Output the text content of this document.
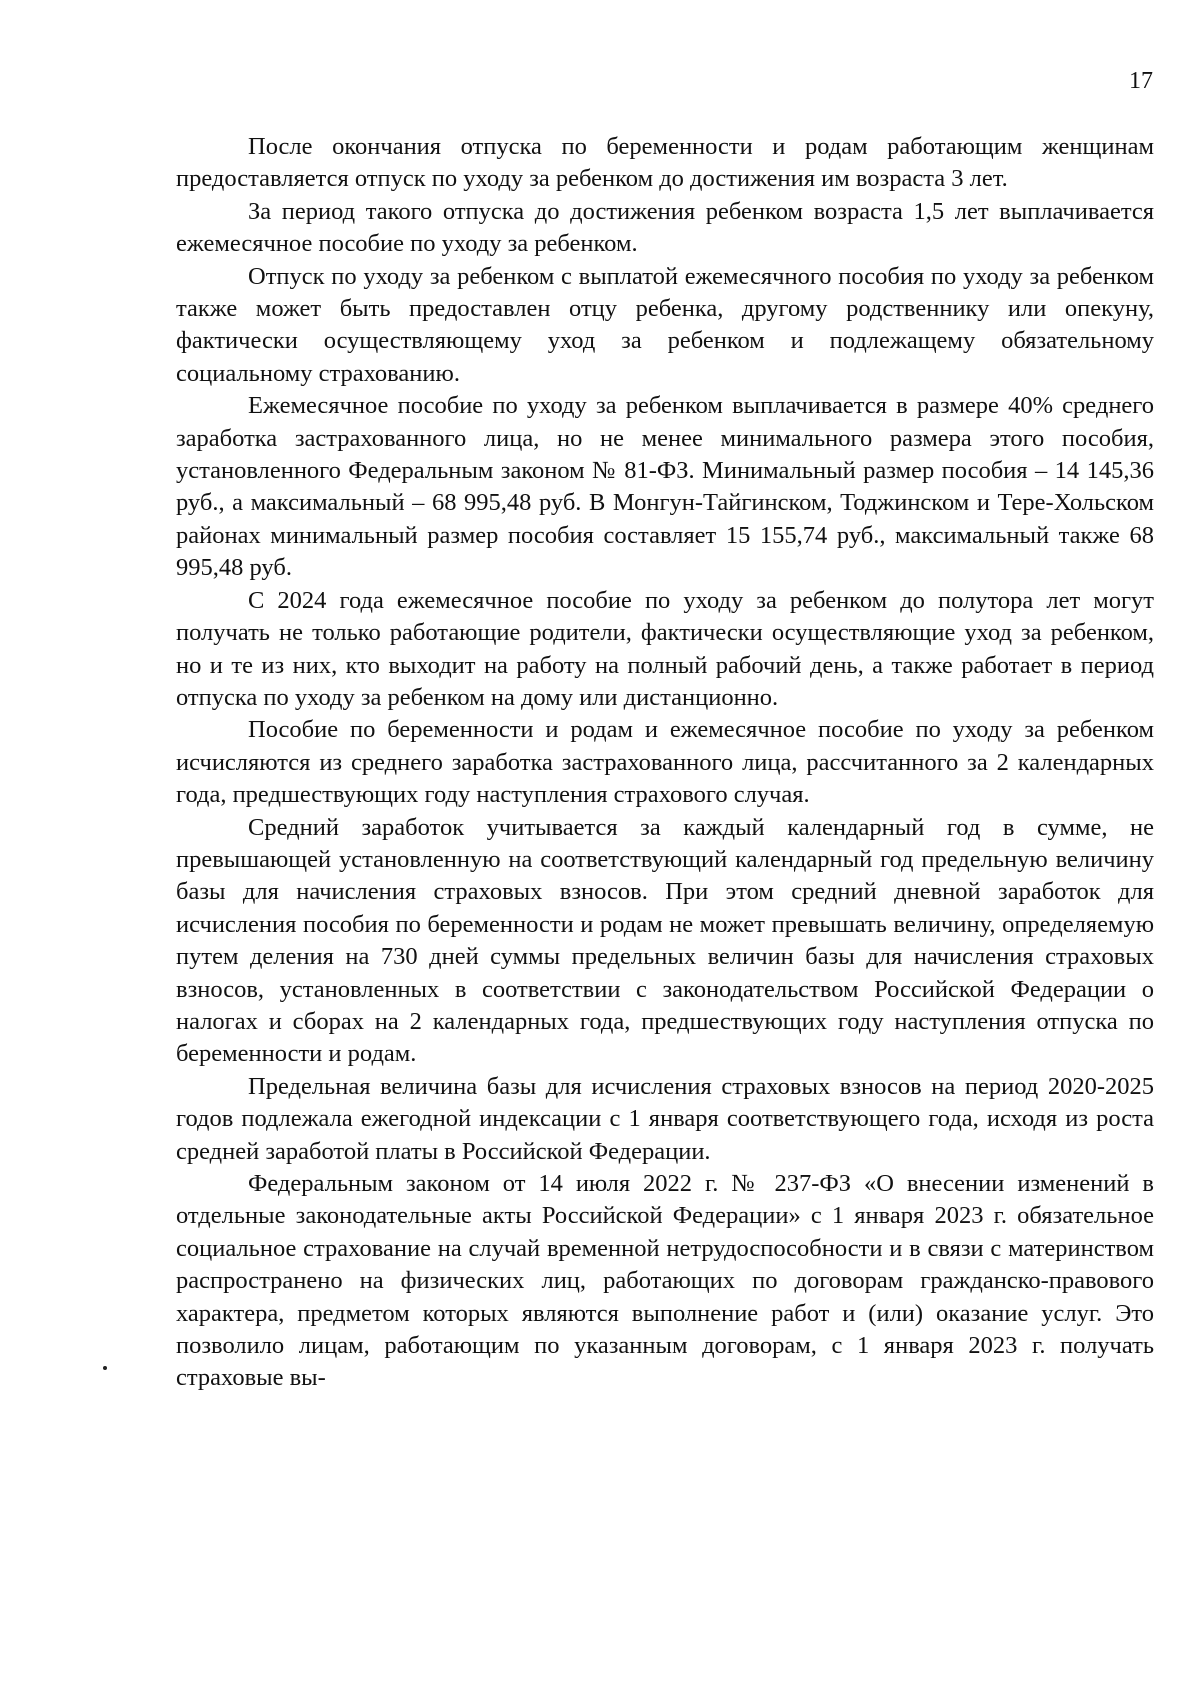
17

После окончания отпуска по беременности и родам работающим женщинам предоставляется отпуск по уходу за ребенком до достижения им возраста 3 лет.

За период такого отпуска до достижения ребенком возраста 1,5 лет выплачивается ежемесячное пособие по уходу за ребенком.

Отпуск по уходу за ребенком с выплатой ежемесячного пособия по уходу за ребенком также может быть предоставлен отцу ребенка, другому родственнику или опекуну, фактически осуществляющему уход за ребенком и подлежащему обязательному социальному страхованию.

Ежемесячное пособие по уходу за ребенком выплачивается в размере 40% среднего заработка застрахованного лица, но не менее минимального размера этого пособия, установленного Федеральным законом № 81-ФЗ. Минимальный размер пособия – 14 145,36 руб., а максимальный – 68 995,48 руб. В Монгун-Тайгинском, Тоджинском и Тере-Хольском районах минимальный размер пособия составляет 15 155,74 руб., максимальный также 68 995,48 руб.

С 2024 года ежемесячное пособие по уходу за ребенком до полутора лет могут получать не только работающие родители, фактически осуществляющие уход за ребенком, но и те из них, кто выходит на работу на полный рабочий день, а также работает в период отпуска по уходу за ребенком на дому или дистанционно.

Пособие по беременности и родам и ежемесячное пособие по уходу за ребенком исчисляются из среднего заработка застрахованного лица, рассчитанного за 2 календарных года, предшествующих году наступления страхового случая.

Средний заработок учитывается за каждый календарный год в сумме, не превышающей установленную на соответствующий календарный год предельную величину базы для начисления страховых взносов. При этом средний дневной заработок для исчисления пособия по беременности и родам не может превышать величину, определяемую путем деления на 730 дней суммы предельных величин базы для начисления страховых взносов, установленных в соответствии с законодательством Российской Федерации о налогах и сборах на 2 календарных года, предшествующих году наступления отпуска по беременности и родам.

Предельная величина базы для исчисления страховых взносов на период 2020-2025 годов подлежала ежегодной индексации с 1 января соответствующего года, исходя из роста средней заработой платы в Российской Федерации.

Федеральным законом от 14 июля 2022 г. № 237-ФЗ «О внесении изменений в отдельные законодательные акты Российской Федерации» с 1 января 2023 г. обязательное социальное страхование на случай временной нетрудоспособности и в связи с материнством распространено на физических лиц, работающих по договорам гражданско-правового характера, предметом которых являются выполнение работ и (или) оказание услуг. Это позволило лицам, работающим по указанным договорам, с 1 января 2023 г. получать страховые вы-
